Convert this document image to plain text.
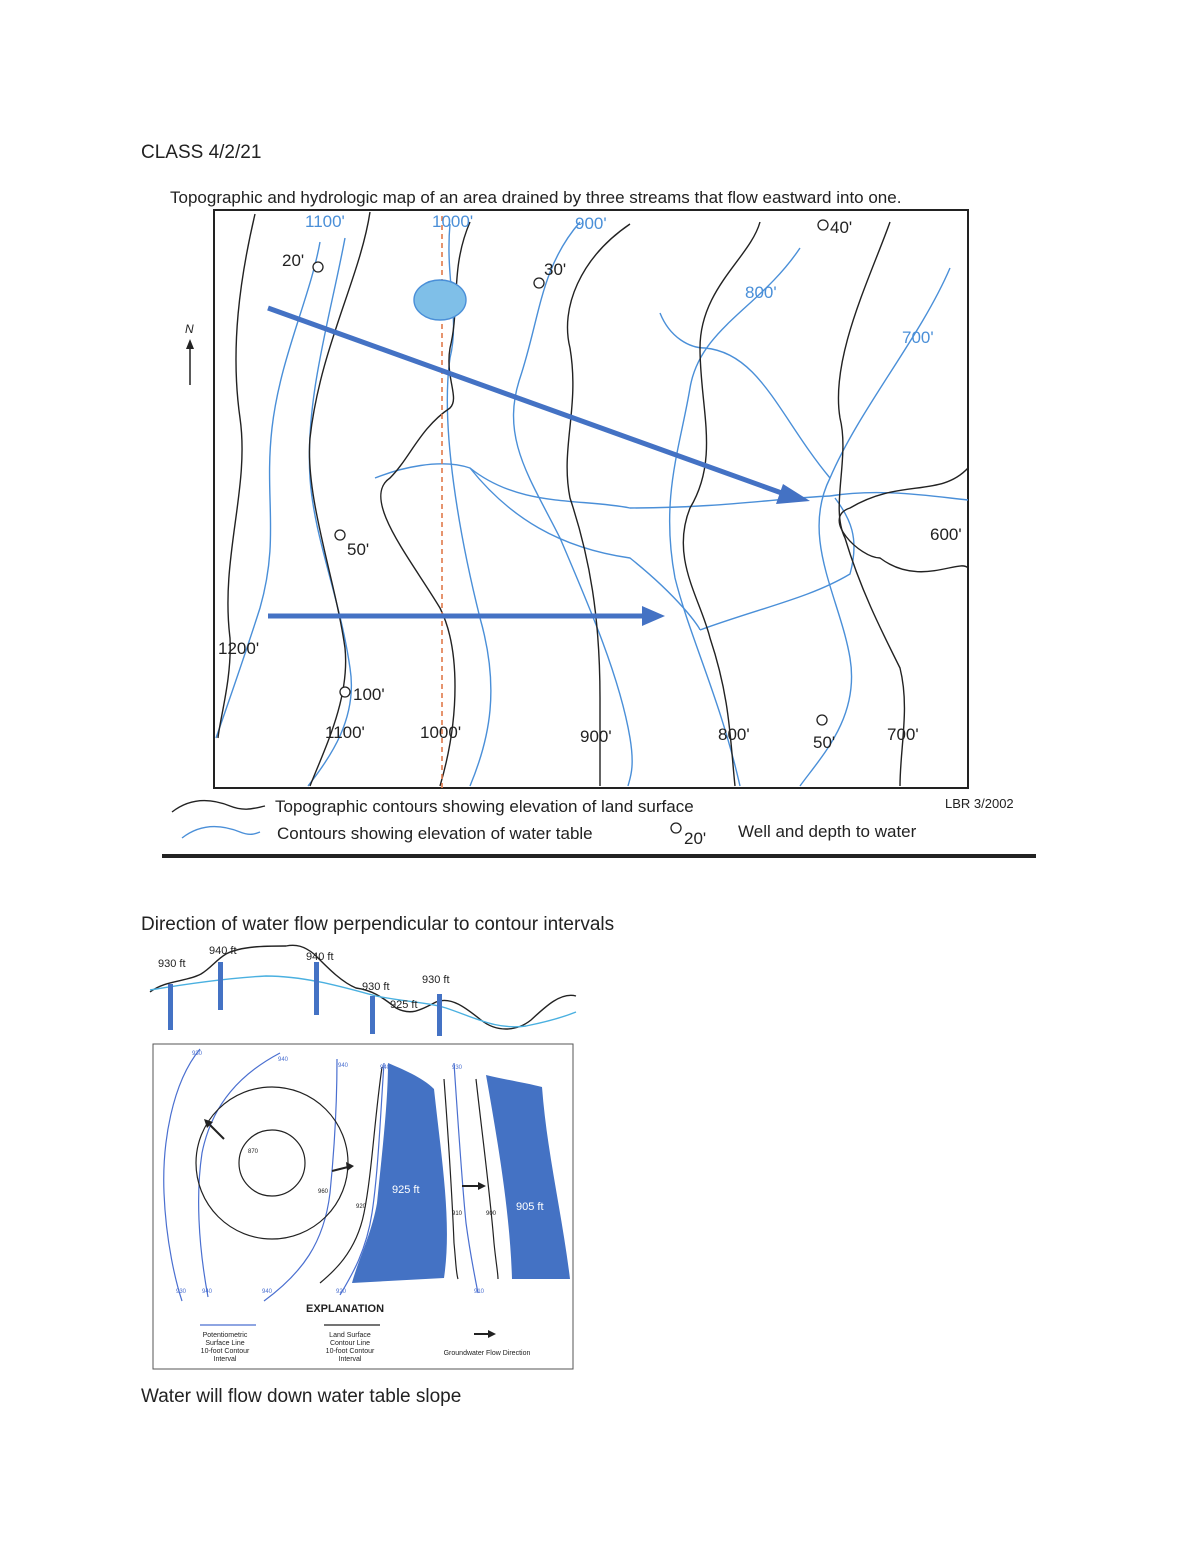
CLASS 4/2/21
Topographic and hydrologic map of an area drained by three streams that flow eastward into one.
N
1100'	1000'	900'
800'
700'
600'
1200'
1100'	1000'	900'	800'	700'
20'	30'
40'
50'
100'
50'
Topographic contours showing elevation of land surface
Contours showing elevation of water table	20' Well and depth to water
LBR 3/2002
Direction of water flow perpendicular to contour intervals
930 ft
940 ft	940 ft
930 ft
930 ft
925 ft
930
940
940	940	930
930	940	940	920	910
870
960
920
910	900
925 ft
905 ft
EXPLANATION
Potentiometric
Surface Line
10-foot Contour
Interval
Land Surface
Contour Line
10-foot Contour
Interval
Groundwater Flow Direction
Water will flow down water table slope
